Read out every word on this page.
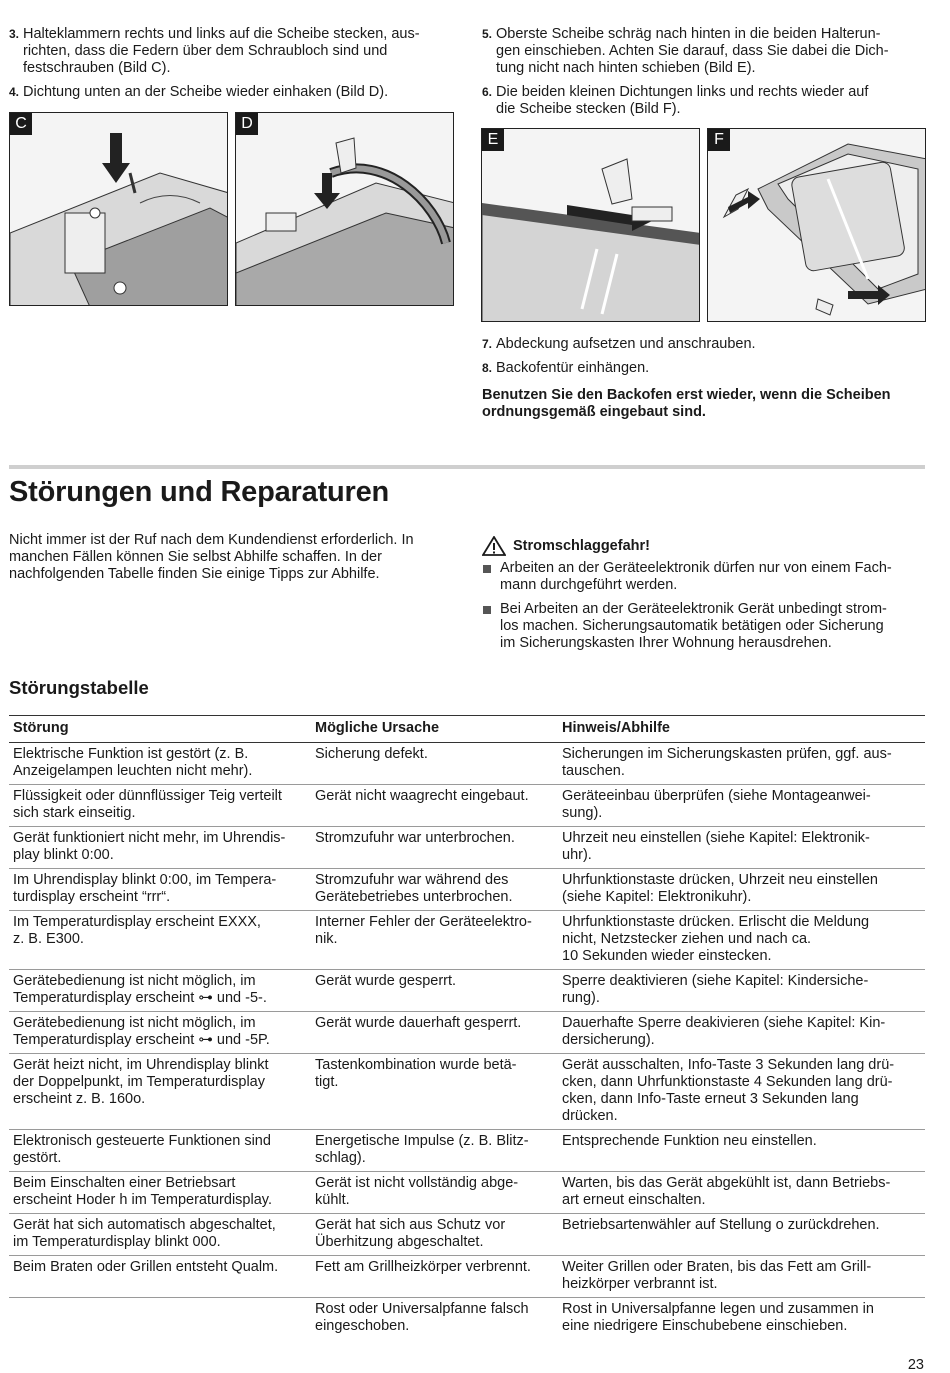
3. Halteklammern rechts und links auf die Scheibe stecken, aus-
richten, dass die Federn über dem Schraubloch sind und
festschrauben (Bild C).
4. Dichtung unten an der Scheibe wieder einhaken (Bild D).
5. Oberste Scheibe schräg nach hinten in die beiden Halterun-
gen einschieben. Achten Sie darauf, dass Sie dabei die Dich-
tung nicht nach hinten schieben (Bild E).
6. Die beiden kleinen Dichtungen links und rechts wieder auf
die Scheibe stecken (Bild F).
C	D
E	F
7. Abdeckung aufsetzen und anschrauben.
8. Backofentür einhängen.
Benutzen Sie den Backofen erst wieder, wenn die Scheiben
ordnungsgemäß eingebaut sind.
Störungen und Reparaturen
Nicht immer ist der Ruf nach dem Kundendienst erforderlich. In
manchen Fällen können Sie selbst Abhilfe schaffen. In der
nachfolgenden Tabelle finden Sie einige Tipps zur Abhilfe.
Stromschlaggefahr!
Arbeiten an der Geräteelektronik dürfen nur von einem Fach-
mann durchgeführt werden.
Bei Arbeiten an der Geräteelektronik Gerät unbedingt strom-
los machen. Sicherungsautomatik betätigen oder Sicherung
im Sicherungskasten Ihrer Wohnung herausdrehen.
Störungstabelle
Störung	Mögliche Ursache	Hinweis/Abhilfe
Elektrische Funktion ist gestört (z. B.
Anzeigelampen leuchten nicht mehr).	Sicherung defekt.	Sicherungen im Sicherungskasten prüfen, ggf. aus-
tauschen.
Flüssigkeit oder dünnflüssiger Teig verteilt
sich stark einseitig.	Gerät nicht waagrecht eingebaut.	Geräteeinbau überprüfen (siehe Montageanwei-
sung).
Gerät funktioniert nicht mehr, im Uhrendis-
play blinkt 0:00.	Stromzufuhr war unterbrochen.	Uhrzeit neu einstellen (siehe Kapitel: Elektronik-
uhr).
Im Uhrendisplay blinkt 0:00, im Tempera-
turdisplay erscheint “rrr“.	Stromzufuhr war während des
Gerätebetriebes unterbrochen.	Uhrfunktionstaste drücken, Uhrzeit neu einstellen
(siehe Kapitel: Elektronikuhr).
Im Temperaturdisplay erscheint EXXX,
z. B. E300.	Interner Fehler der Geräteelektro-
nik.	Uhrfunktionstaste drücken. Erlischt die Meldung
nicht, Netzstecker ziehen und nach ca.
10 Sekunden wieder einstecken.
Gerätebedienung ist nicht möglich, im
Temperaturdisplay erscheint ⊶ und -5-.	Gerät wurde gesperrt.	Sperre deaktivieren (siehe Kapitel: Kindersiche-
rung).
Gerätebedienung ist nicht möglich, im
Temperaturdisplay erscheint ⊶ und -5P.	Gerät wurde dauerhaft gesperrt.	Dauerhafte Sperre deakivieren (siehe Kapitel: Kin-
dersicherung).
Gerät heizt nicht, im Uhrendisplay blinkt
der Doppelpunkt, im Temperaturdisplay
erscheint z. B. 160o.	Tastenkombination wurde betä-
tigt.	Gerät ausschalten, Info-Taste 3 Sekunden lang drü-
cken, dann Uhrfunktionstaste 4 Sekunden lang drü-
cken, dann Info-Taste erneut 3 Sekunden lang
drücken.
Elektronisch gesteuerte Funktionen sind
gestört.	Energetische Impulse (z. B. Blitz-
schlag).	Entsprechende Funktion neu einstellen.
Beim Einschalten einer Betriebsart
erscheint Hoder h im Temperaturdisplay.	Gerät ist nicht vollständig abge-
kühlt.	Warten, bis das Gerät abgekühlt ist, dann Betriebs-
art erneut einschalten.
Gerät hat sich automatisch abgeschaltet,
im Temperaturdisplay blinkt 000.	Gerät hat sich aus Schutz vor
Überhitzung abgeschaltet.	Betriebsartenwähler auf Stellung o zurückdrehen.
Beim Braten oder Grillen entsteht Qualm.	Fett am Grillheizkörper verbrennt.	Weiter Grillen oder Braten, bis das Fett am Grill-
heizkörper verbrannt ist.
	Rost oder Universalpfanne falsch
eingeschoben.	Rost in Universalpfanne legen und zusammen in
eine niedrigere Einschubebene einschieben.
23
